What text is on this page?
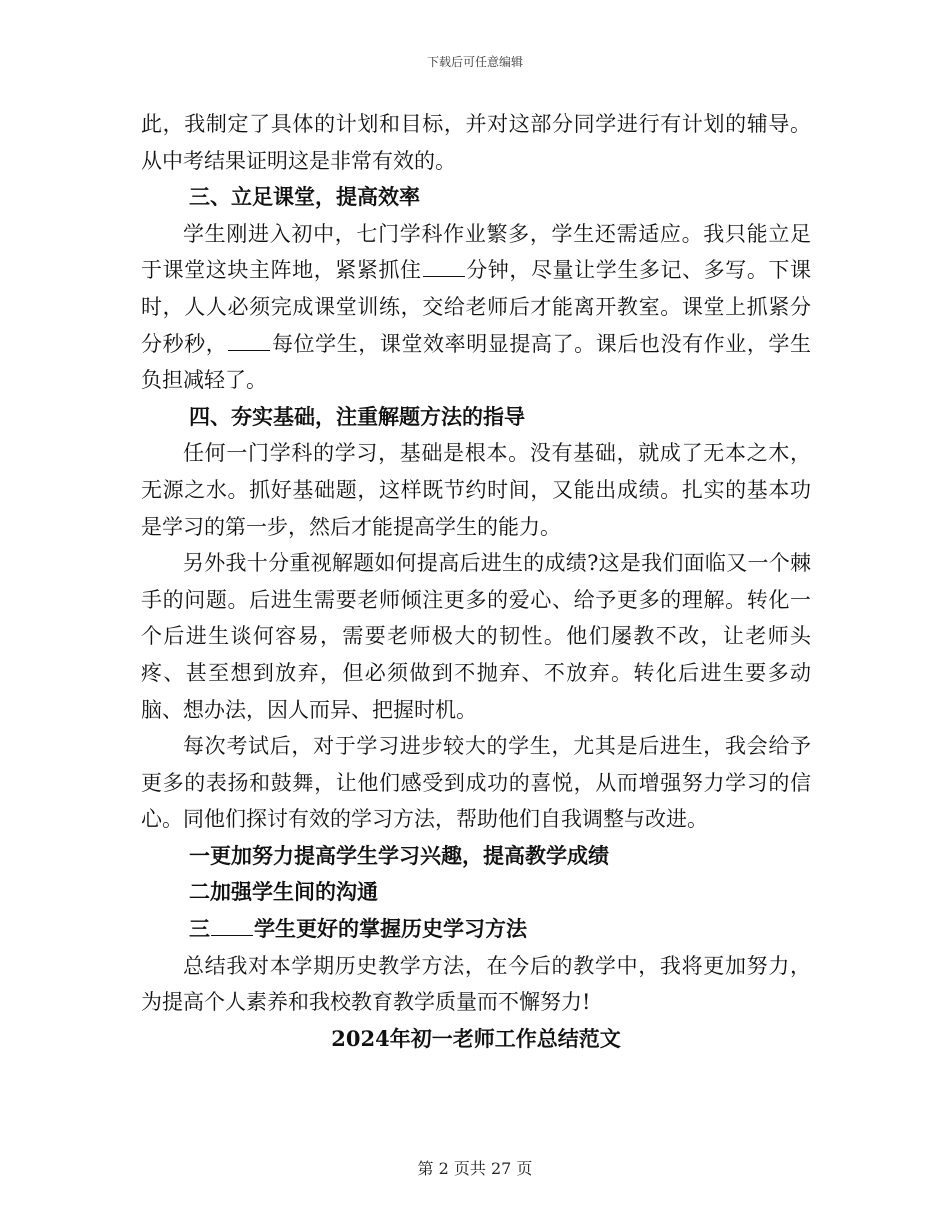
下载后可任意编辑

此，我制定了具体的计划和目标，并对这部分同学进行有计划的辅导。从中考结果证明这是非常有效的。

三、立足课堂，提高效率

学生刚进入初中，七门学科作业繁多，学生还需适应。我只能立足于课堂这块主阵地，紧紧抓住 分钟，尽量让学生多记、多写。下课时，人人必须完成课堂训练，交给老师后才能离开教室。课堂上抓紧分分秒秒， 每位学生，课堂效率明显提高了。课后也没有作业，学生负担减轻了。

四、夯实基础，注重解题方法的指导

任何一门学科的学习，基础是根本。没有基础，就成了无本之木，无源之水。抓好基础题，这样既节约时间，又能出成绩。扎实的基本功是学习的第一步，然后才能提高学生的能力。

另外我十分重视解题如何提高后进生的成绩?这是我们面临又一个棘手的问题。后进生需要老师倾注更多的爱心、给予更多的理解。转化一个后进生谈何容易，需要老师极大的韧性。他们屡教不改，让老师头疼、甚至想到放弃，但必须做到不抛弃、不放弃。转化后进生要多动脑、想办法，因人而异、把握时机。

每次考试后，对于学习进步较大的学生，尤其是后进生，我会给予更多的表扬和鼓舞，让他们感受到成功的喜悦，从而增强努力学习的信心。同他们探讨有效的学习方法，帮助他们自我调整与改进。

一更加努力提高学生学习兴趣，提高教学成绩

二加强学生间的沟通

三 学生更好的掌握历史学习方法

总结我对本学期历史教学方法，在今后的教学中，我将更加努力，为提高个人素养和我校教育教学质量而不懈努力!

2024年初一老师工作总结范文

第 2 页共 27 页
